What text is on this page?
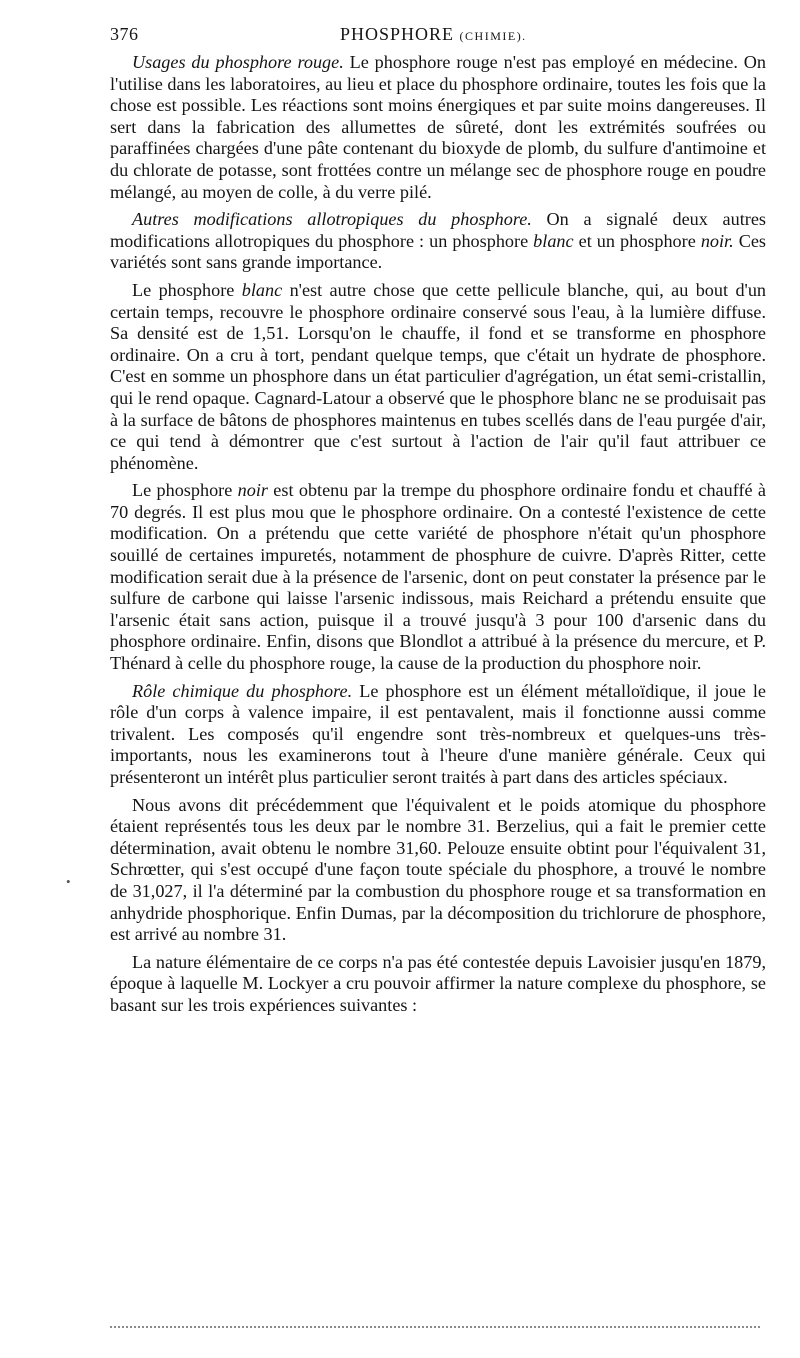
376	PHOSPHORE (CHIMIE).

Usages du phosphore rouge. Le phosphore rouge n'est pas employé en médecine. On l'utilise dans les laboratoires, au lieu et place du phosphore ordinaire, toutes les fois que la chose est possible. Les réactions sont moins énergiques et par suite moins dangereuses. Il sert dans la fabrication des allumettes de sûreté, dont les extrémités soufrées ou paraffinées chargées d'une pâte contenant du bioxyde de plomb, du sulfure d'antimoine et du chlorate de potasse, sont frottées contre un mélange sec de phosphore rouge en poudre mélangé, au moyen de colle, à du verre pilé.

Autres modifications allotropiques du phosphore. On a signalé deux autres modifications allotropiques du phosphore : un phosphore blanc et un phosphore noir. Ces variétés sont sans grande importance.

Le phosphore blanc n'est autre chose que cette pellicule blanche, qui, au bout d'un certain temps, recouvre le phosphore ordinaire conservé sous l'eau, à la lumière diffuse. Sa densité est de 1,51. Lorsqu'on le chauffe, il fond et se transforme en phosphore ordinaire. On a cru à tort, pendant quelque temps, que c'était un hydrate de phosphore. C'est en somme un phosphore dans un état particulier d'agrégation, un état semi-cristallin, qui le rend opaque. Cagnard-Latour a observé que le phosphore blanc ne se produisait pas à la surface de bâtons de phosphores maintenus en tubes scellés dans de l'eau purgée d'air, ce qui tend à démontrer que c'est surtout à l'action de l'air qu'il faut attribuer ce phénomène.

Le phosphore noir est obtenu par la trempe du phosphore ordinaire fondu et chauffé à 70 degrés. Il est plus mou que le phosphore ordinaire. On a contesté l'existence de cette modification. On a prétendu que cette variété de phosphore n'était qu'un phosphore souillé de certaines impuretés, notamment de phosphure de cuivre. D'après Ritter, cette modification serait due à la présence de l'arsenic, dont on peut constater la présence par le sulfure de carbone qui laisse l'arsenic indissous, mais Reichard a prétendu ensuite que l'arsenic était sans action, puisque il a trouvé jusqu'à 3 pour 100 d'arsenic dans du phosphore ordinaire. Enfin, disons que Blondlot a attribué à la présence du mercure, et P. Thénard à celle du phosphore rouge, la cause de la production du phosphore noir.

Rôle chimique du phosphore. Le phosphore est un élément métalloïdique, il joue le rôle d'un corps à valence impaire, il est pentavalent, mais il fonctionne aussi comme trivalent. Les composés qu'il engendre sont très-nombreux et quelques-uns très-importants, nous les examinerons tout à l'heure d'une manière générale. Ceux qui présenteront un intérêt plus particulier seront traités à part dans des articles spéciaux.

Nous avons dit précédemment que l'équivalent et le poids atomique du phosphore étaient représentés tous les deux par le nombre 31. Berzelius, qui a fait le premier cette détermination, avait obtenu le nombre 31,60. Pelouze ensuite obtint pour l'équivalent 31, Schrœtter, qui s'est occupé d'une façon toute spéciale du phosphore, a trouvé le nombre de 31,027, il l'a déterminé par la combustion du phosphore rouge et sa transformation en anhydride phosphorique. Enfin Dumas, par la décomposition du trichlorure de phosphore, est arrivé au nombre 31.

La nature élémentaire de ce corps n'a pas été contestée depuis Lavoisier jusqu'en 1879, époque à laquelle M. Lockyer a cru pouvoir affirmer la nature complexe du phosphore, se basant sur les trois expériences suivantes :

•
